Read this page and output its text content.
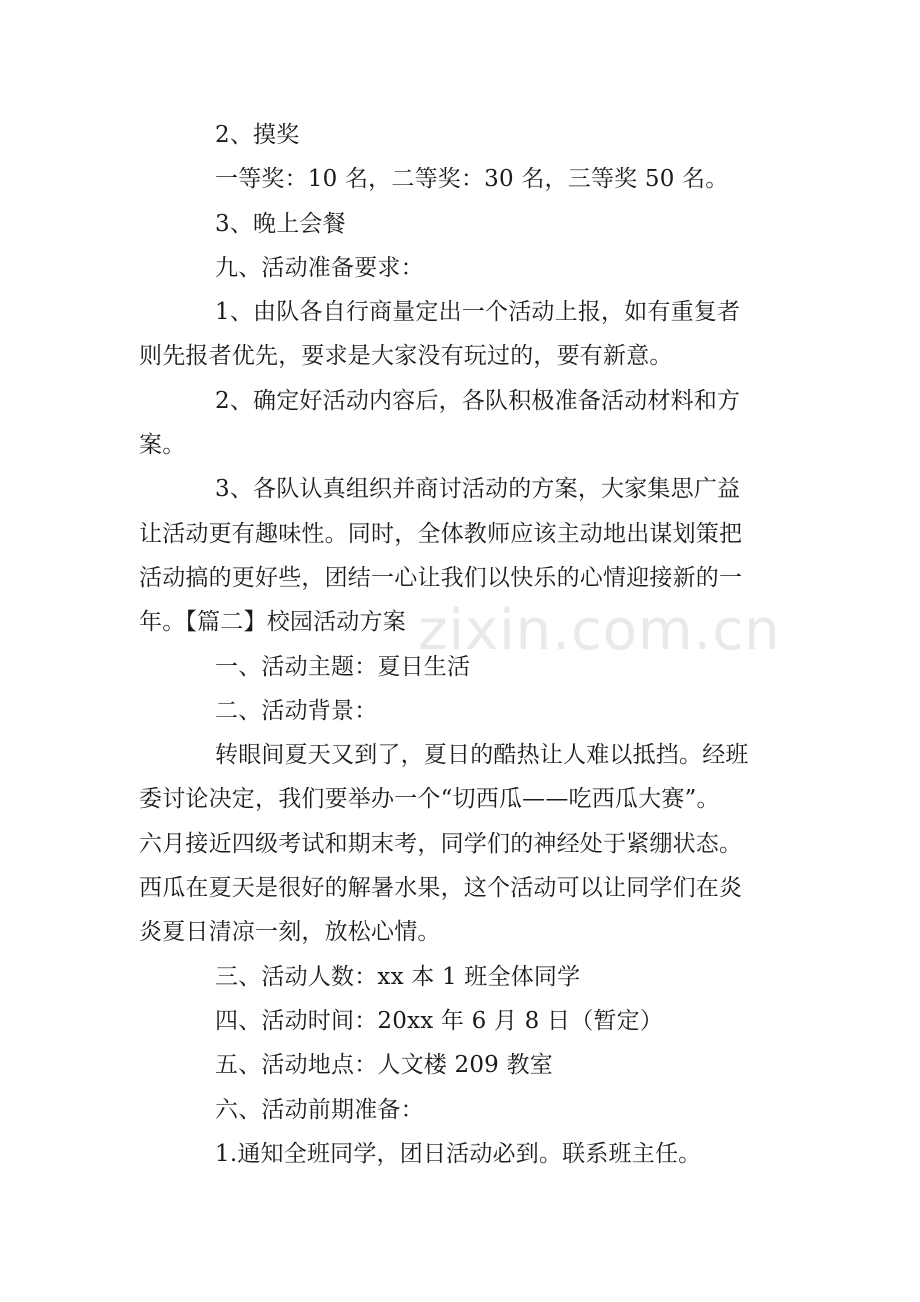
zixin.com.cn
2、摸奖
一等奖：10 名，二等奖：30 名，三等奖 50 名。
3、晚上会餐
九、活动准备要求：
1、由队各自行商量定出一个活动上报，如有重复者
则先报者优先，要求是大家没有玩过的，要有新意。
2、确定好活动内容后，各队积极准备活动材料和方
案。
3、各队认真组织并商讨活动的方案，大家集思广益
让活动更有趣味性。同时，全体教师应该主动地出谋划策把
活动搞的更好些，团结一心让我们以快乐的心情迎接新的一
年。【篇二】校园活动方案
一、活动主题：夏日生活
二、活动背景：
转眼间夏天又到了，夏日的酷热让人难以抵挡。经班
委讨论决定，我们要举办一个“切西瓜——吃西瓜大赛”。
六月接近四级考试和期末考，同学们的神经处于紧绷状态。
西瓜在夏天是很好的解暑水果，这个活动可以让同学们在炎
炎夏日清凉一刻，放松心情。
三、活动人数：xx 本 1 班全体同学
四、活动时间：20xx 年 6 月 8 日（暂定）
五、活动地点：人文楼 209 教室
六、活动前期准备：
1.通知全班同学，团日活动必到。联系班主任。
